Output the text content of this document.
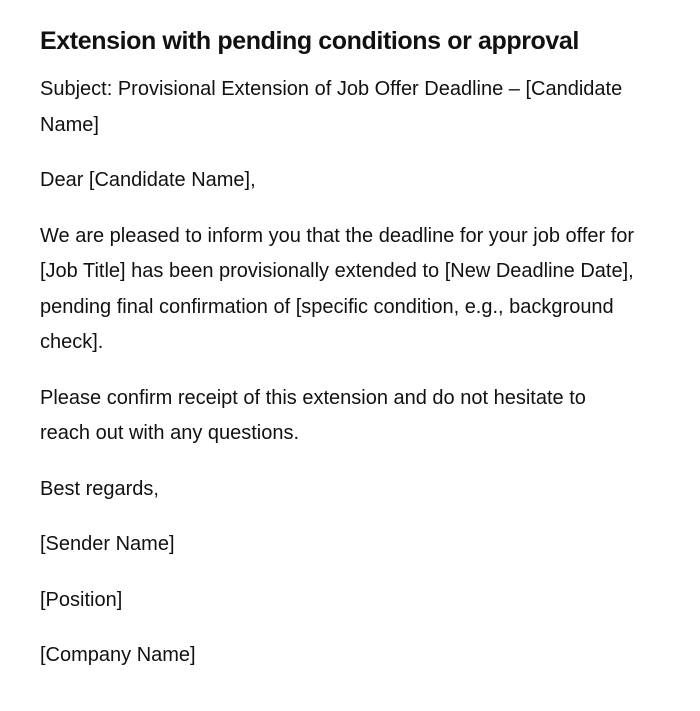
Extension with pending conditions or approval

Subject: Provisional Extension of Job Offer Deadline – [Candidate Name]

Dear [Candidate Name],

We are pleased to inform you that the deadline for your job offer for [Job Title] has been provisionally extended to [New Deadline Date], pending final confirmation of [specific condition, e.g., background check].

Please confirm receipt of this extension and do not hesitate to reach out with any questions.

Best regards,

[Sender Name]

[Position]

[Company Name]
